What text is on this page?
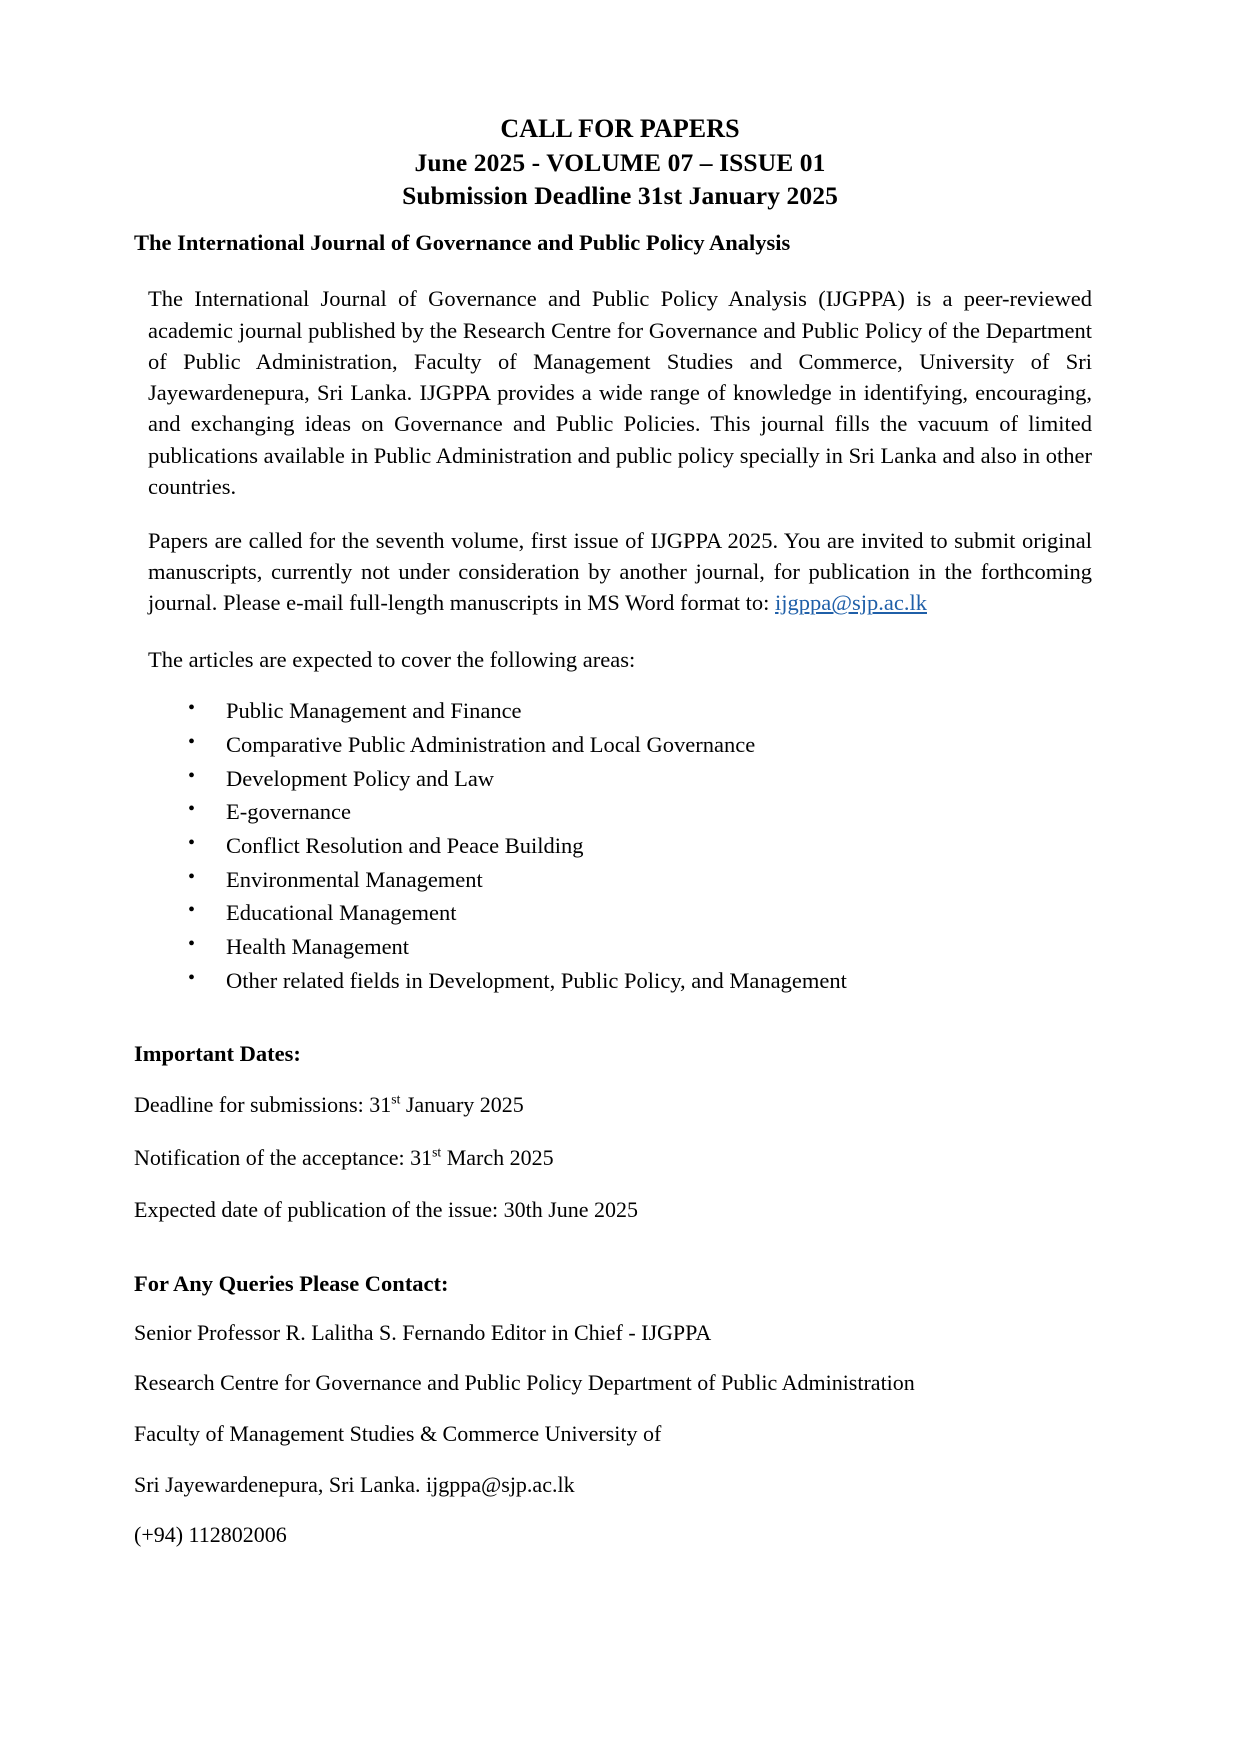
CALL FOR PAPERS
June 2025 - VOLUME 07 – ISSUE 01
Submission Deadline 31st January 2025
The International Journal of Governance and Public Policy Analysis

The International Journal of Governance and Public Policy Analysis (IJGPPA) is a peer-reviewed academic journal published by the Research Centre for Governance and Public Policy of the Department of Public Administration, Faculty of Management Studies and Commerce, University of Sri Jayewardenepura, Sri Lanka. IJGPPA provides a wide range of knowledge in identifying, encouraging, and exchanging ideas on Governance and Public Policies. This journal fills the vacuum of limited publications available in Public Administration and public policy specially in Sri Lanka and also in other countries.

Papers are called for the seventh volume, first issue of IJGPPA 2025. You are invited to submit original manuscripts, currently not under consideration by another journal, for publication in the forthcoming journal. Please e-mail full-length manuscripts in MS Word format to: ijgppa@sjp.ac.lk

The articles are expected to cover the following areas:

• Public Management and Finance
• Comparative Public Administration and Local Governance
• Development Policy and Law
• E-governance
• Conflict Resolution and Peace Building
• Environmental Management
• Educational Management
• Health Management
• Other related fields in Development, Public Policy, and Management
Important Dates:
Deadline for submissions: 31st January 2025
Notification of the acceptance: 31st March 2025
Expected date of publication of the issue: 30th June 2025
For Any Queries Please Contact:
Senior Professor R. Lalitha S. Fernando Editor in Chief - IJGPPA
Research Centre for Governance and Public Policy Department of Public Administration
Faculty of Management Studies & Commerce University of
Sri Jayewardenepura, Sri Lanka. ijgppa@sjp.ac.lk
(+94) 112802006
